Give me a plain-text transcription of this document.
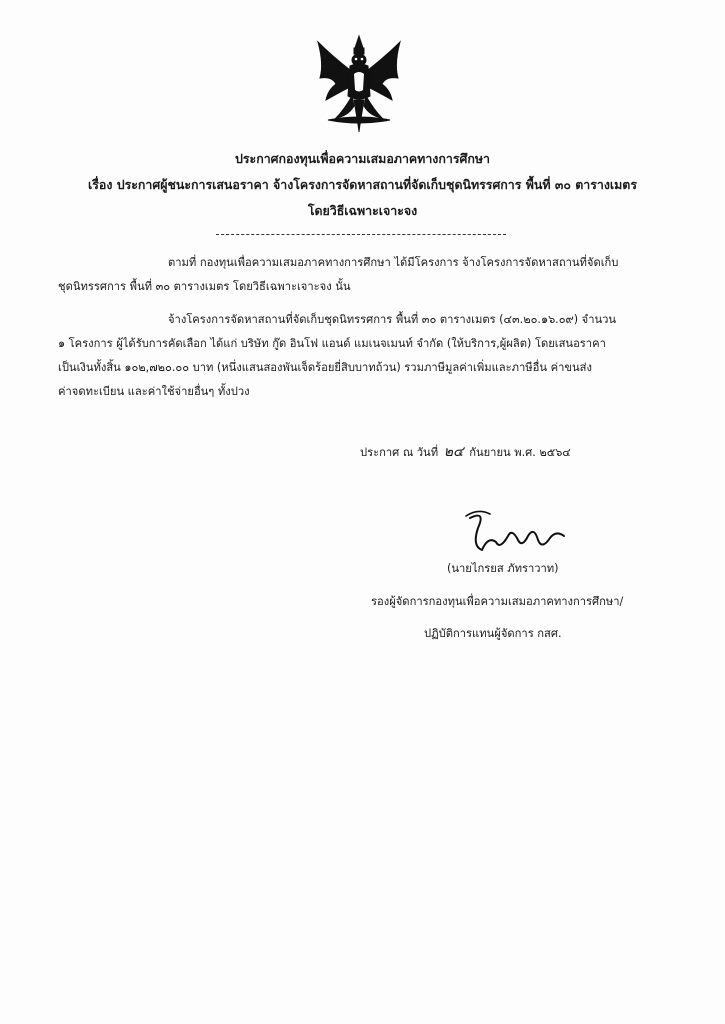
ประกาศกองทุนเพื่อความเสมอภาคทางการศึกษา
เรื่อง ประกาศผู้ชนะการเสนอราคา จ้างโครงการจัดหาสถานที่จัดเก็บชุดนิทรรศการ พื้นที่ ๓๐ ตารางเมตร
โดยวิธีเฉพาะเจาะจง
ตามที่ กองทุนเพื่อความเสมอภาคทางการศึกษา ได้มีโครงการ จ้างโครงการจัดหาสถานที่จัดเก็บ
ชุดนิทรรศการ พื้นที่ ๓๐ ตารางเมตร โดยวิธีเฉพาะเจาะจง นั้น
จ้างโครงการจัดหาสถานที่จัดเก็บชุดนิทรรศการ พื้นที่ ๓๐ ตารางเมตร (๔๓.๒๐.๑๖.๐๙) จำนวน
๑ โครงการ ผู้ได้รับการคัดเลือก ได้แก่ บริษัท กู๊ด อินโฟ แอนด์ แมเนจเมนท์ จำกัด (ให้บริการ,ผู้ผลิต) โดยเสนอราคา
เป็นเงินทั้งสิ้น ๑๐๒,๗๒๐.๐๐ บาท (หนึ่งแสนสองพันเจ็ดร้อยยี่สิบบาทถ้วน) รวมภาษีมูลค่าเพิ่มและภาษีอื่น ค่าขนส่ง
ค่าจดทะเบียน และค่าใช้จ่ายอื่นๆ ทั้งปวง
ประกาศ ณ วันที่ ๒๔ กันยายน พ.ศ. ๒๕๖๔
(นายไกรยส ภัทราวาท)
รองผู้จัดการกองทุนเพื่อความเสมอภาคทางการศึกษา/
ปฏิบัติการแทนผู้จัดการ กสศ.
